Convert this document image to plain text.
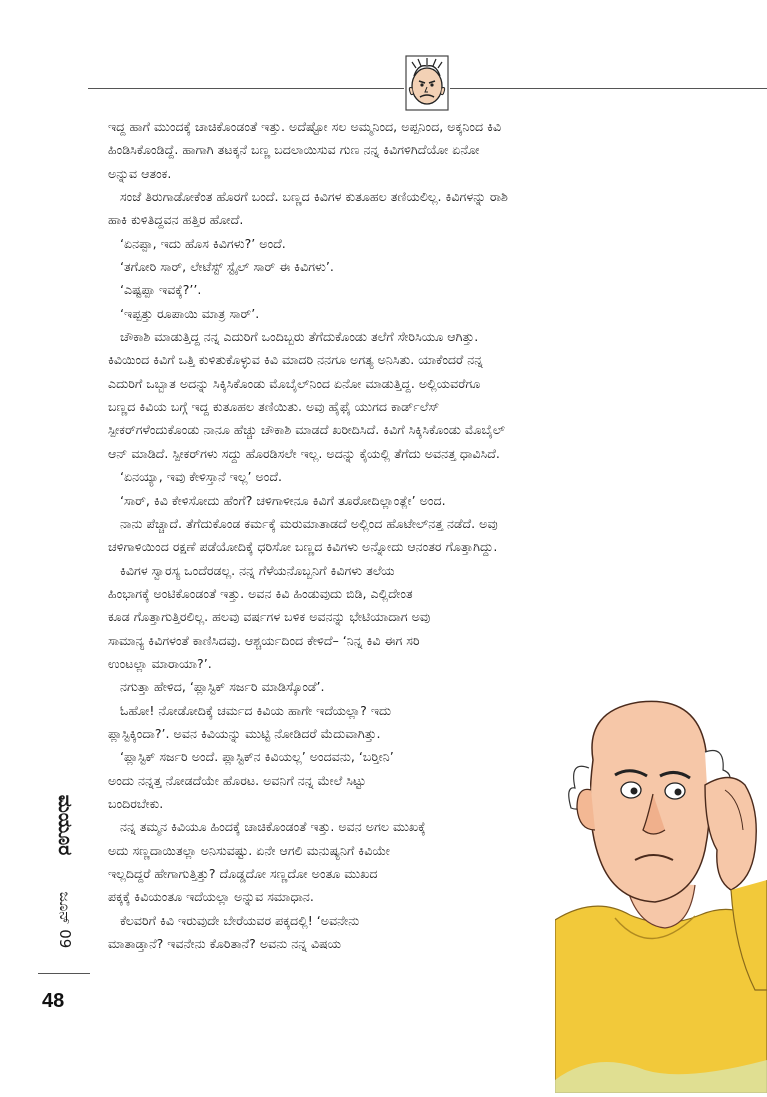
ಇದ್ದ ಹಾಗೆ ಮುಂದಕ್ಕೆ ಚಾಚಿಕೊಂಡಂತೆ ಇತ್ತು. ಅದೆಷ್ಟೋ ಸಲ ಅಮ್ಮನಿಂದ, ಅಪ್ಪನಿಂದ, ಅಕ್ಕನಿಂದ ಕಿವಿ
ಹಿಂಡಿಸಿಕೊಂಡಿದ್ದೆ. ಹಾಗಾಗಿ ತಟಕ್ಕನೆ ಬಣ್ಣ ಬದಲಾಯಿಸುವ ಗುಣ ನನ್ನ ಕಿವಿಗಳಿಗಿದೆಯೋ ಏನೋ
ಅನ್ನುವ ಆತಂಕ.
ಸಂಜೆ ತಿರುಗಾಡೋಕೆಂತ ಹೊರಗೆ ಬಂದೆ. ಬಣ್ಣದ ಕಿವಿಗಳ ಕುತೂಹಲ ತಣಿಯಲಿಲ್ಲ. ಕಿವಿಗಳನ್ನು ರಾಶಿ
ಹಾಕಿ ಕುಳಿತಿದ್ದವನ ಹತ್ತಿರ ಹೋದೆ.
‘ಏನಪ್ಪಾ, ಇದು ಹೊಸ ಕಿವಿಗಳು?’ ಅಂದೆ.
‘ತಗೋರಿ ಸಾರ್, ಲೇಟೆಸ್ಟ್ ಸ್ಟೈಲ್ ಸಾರ್ ಈ ಕಿವಿಗಳು’.
‘ಎಷ್ಟಪ್ಪಾ ಇವಕ್ಕೆ?’’.
‘ಇಪ್ಪತ್ತು ರೂಪಾಯಿ ಮಾತ್ರ ಸಾರ್’.
ಚೌಕಾಶಿ ಮಾಡುತ್ತಿದ್ದ ನನ್ನ ಎದುರಿಗೆ ಒಂದಿಬ್ಬರು ತೆಗೆದುಕೊಂಡು ತಲೆಗೆ ಸೇರಿಸಿಯೂ ಆಗಿತ್ತು.
ಕಿವಿಯಿಂದ ಕಿವಿಗೆ ಒತ್ತಿ ಕುಳಿತುಕೊಳ್ಳುವ ಕಿವಿ ಮಾದರಿ ನನಗೂ ಅಗತ್ಯ ಅನಿಸಿತು. ಯಾಕೆಂದರೆ ನನ್ನ
ಎದುರಿಗೆ ಒಬ್ಬಾತ ಅದನ್ನು ಸಿಕ್ಕಿಸಿಕೊಂಡು ಮೊಬೈಲ್‌ನಿಂದ ಏನೋ ಮಾಡುತ್ತಿದ್ದ. ಅಲ್ಲಿಯವರೆಗೂ
ಬಣ್ಣದ ಕಿವಿಯ ಬಗ್ಗೆ ಇದ್ದ ಕುತೂಹಲ ತಣಿಯಿತು. ಅವು ಹೈಫೈ ಯುಗದ ಕಾರ್ಡ್‌ಲೆಸ್
ಸ್ಪೀಕರ್‌ಗಳೆಂದುಕೊಂಡು ನಾನೂ ಹೆಚ್ಚು ಚೌಕಾಶಿ ಮಾಡದೆ ಖರೀದಿಸಿದೆ. ಕಿವಿಗೆ ಸಿಕ್ಕಿಸಿಕೊಂಡು ಮೊಬೈಲ್
ಆನ್ ಮಾಡಿದೆ. ಸ್ಪೀಕರ್‌ಗಳು ಸದ್ದು ಹೊರಡಿಸಲೇ ಇಲ್ಲ. ಅದನ್ನು ಕೈಯಲ್ಲಿ ತೆಗೆದು ಅವನತ್ತ ಧಾವಿಸಿದೆ.
‘ಏನಯ್ಯಾ, ಇವು ಕೇಳಿಸ್ತಾನೆ ಇಲ್ಲ’ ಅಂದೆ.
‘ಸಾರ್, ಕಿವಿ ಕೇಳಿಸೋದು ಹೆಂಗೆ? ಚಳಿಗಾಳೀನೂ ಕಿವಿಗೆ ತೂರೋದಿಲ್ಲಾಂತ್ಲೇ’ ಅಂದ.
ನಾನು ಪೆಚ್ಚಾದೆ. ತೆಗೆದುಕೊಂಡ ಕರ್ಮಕ್ಕೆ ಮರುಮಾತಾಡದೆ ಅಲ್ಲಿಂದ ಹೊಟೇಲ್‌ನತ್ತ ನಡೆದೆ. ಅವು
ಚಳಿಗಾಳಿಯಿಂದ ರಕ್ಷಣೆ ಪಡೆಯೋದಿಕ್ಕೆ ಧರಿಸೋ ಬಣ್ಣದ ಕಿವಿಗಳು ಅನ್ನೋದು ಆನಂತರ ಗೊತ್ತಾಗಿದ್ದು.
ಕಿವಿಗಳ ಸ್ವಾರಸ್ಯ ಒಂದೆರಡಲ್ಲ. ನನ್ನ ಗೆಳೆಯನೊಬ್ಬನಿಗೆ ಕಿವಿಗಳು ತಲೆಯ
ಹಿಂಭಾಗಕ್ಕೆ ಅಂಟಿಕೊಂಡಂತೆ ಇತ್ತು. ಅವನ ಕಿವಿ ಹಿಂಡುವುದು ಬಿಡಿ, ಎಲ್ಲಿದೇಂತ
ಕೂಡ ಗೊತ್ತಾಗುತ್ತಿರಲಿಲ್ಲ. ಹಲವು ವರ್ಷಗಳ ಬಳಿಕ ಅವನನ್ನು ಭೇಟಿಯಾದಾಗ ಅವು
ಸಾಮಾನ್ಯ ಕಿವಿಗಳಂತೆ ಕಾಣಿಸಿದವು. ಆಶ್ಚರ್ಯದಿಂದ ಕೇಳಿದೆ– ‘ನಿನ್ನ ಕಿವಿ ಈಗ ಸರಿ
ಉಂಟಲ್ಲಾ ಮಾರಾಯಾ?’.
ನಗುತ್ತಾ ಹೇಳಿದ, ‘ಪ್ಲಾಸ್ಟಿಕ್ ಸರ್ಜರಿ ಮಾಡಿಸ್ಕೊಂಡೆ’.
ಓಹೋ! ನೋಡೋದಿಕ್ಕೆ ಚರ್ಮದ ಕಿವಿಯ ಹಾಗೇ ಇದೆಯಲ್ಲಾ? ಇದು
ಪ್ಲಾಸ್ಟಿಕ್ಕಿಂದಾ?’. ಅವನ ಕಿವಿಯನ್ನು ಮುಟ್ಟಿ ನೋಡಿದರೆ ಮೆದುವಾಗಿತ್ತು.
‘ಪ್ಲಾಸ್ಟಿಕ್ ಸರ್ಜರಿ ಅಂದೆ. ಪ್ಲಾಸ್ಟಿಕ್‌ನ ಕಿವಿಯಲ್ಲ’ ಅಂದವನು, ‘ಬರ್‍ತೀನಿ’
ಅಂದು ನನ್ನತ್ತ ನೋಡದೆಯೇ ಹೊರಟ. ಅವನಿಗೆ ನನ್ನ ಮೇಲೆ ಸಿಟ್ಟು
ಬಂದಿರಬೇಕು.
ನನ್ನ ತಮ್ಮನ ಕಿವಿಯೂ ಹಿಂದಕ್ಕೆ ಚಾಚಿಕೊಂಡಂತೆ ಇತ್ತು. ಅವನ ಅಗಲ ಮುಖಕ್ಕೆ
ಅದು ಸಣ್ಣದಾಯಿತಲ್ಲಾ ಅನಿಸುವಷ್ಟು. ಏನೇ ಆಗಲಿ ಮನುಷ್ಯನಿಗೆ ಕಿವಿಯೇ
ಇಲ್ಲದಿದ್ದರೆ ಹೇಗಾಗುತ್ತಿತ್ತು? ದೊಡ್ಡದೋ ಸಣ್ಣದೋ ಅಂತೂ ಮುಖದ
ಪಕ್ಕಕ್ಕೆ ಕಿವಿಯಂತೂ ಇದೆಯಲ್ಲಾ ಅನ್ನುವ ಸಮಾಧಾನ.
ಕೆಲವರಿಗೆ ಕಿವಿ ಇರುವುದೇ ಬೇರೆಯವರ ಪಕ್ಕದಲ್ಲಿ! ‘ಅವನೇನು
ಮಾತಾಡ್ತಾನೆ? ಇವನೇನು ಕೊರಿತಾನೆ? ಅವನು ನನ್ನ ವಿಷಯ
ಮಯೂರ
ಜೂನ್ 09
48
